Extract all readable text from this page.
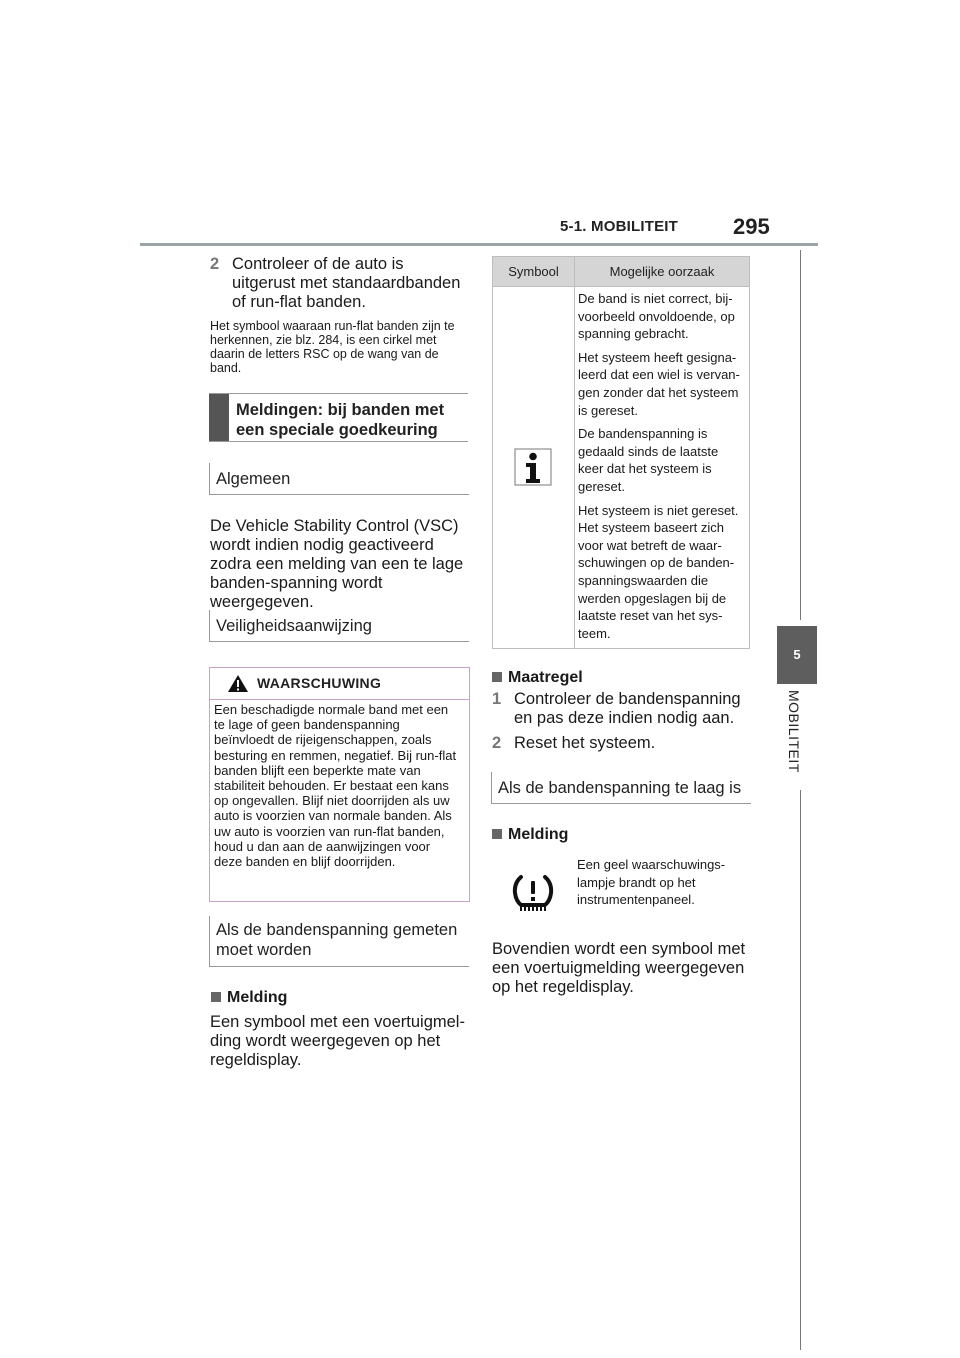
5-1. MOBILITEIT 295
5
MOBILITEIT
2 Controleer of de auto is uitgerust met standaardbanden of run-flat banden.
Het symbool waaraan run-flat banden zijn te herkennen, zie blz. 284, is een cirkel met daarin de letters RSC op de wang van de band.
Meldingen: bij banden met een speciale goedkeuring
Algemeen
De Vehicle Stability Control (VSC) wordt indien nodig geactiveerd zodra een melding van een te lage banden-spanning wordt weergegeven.
Veiligheidsaanwijzing
WAARSCHUWING
Een beschadigde normale band met een te lage of geen bandenspanning beïnvloedt de rijeigenschappen, zoals besturing en remmen, negatief. Bij run-flat banden blijft een beperkte mate van stabiliteit behouden. Er bestaat een kans op ongevallen. Blijf niet doorrijden als uw auto is voorzien van normale banden. Als uw auto is voorzien van run-flat banden, houd u dan aan de aanwijzingen voor deze banden en blijf doorrijden.
Als de bandenspanning gemeten moet worden
Melding
Een symbool met een voertuigmel-ding wordt weergegeven op het regeldisplay.
Symbool	Mogelijke oorzaak

De band is niet correct, bij-voorbeeld onvoldoende, op spanning gebracht.

Het systeem heeft gesigna-leerd dat een wiel is vervan-gen zonder dat het systeem is gereset.

De bandenspanning is gedaald sinds de laatste keer dat het systeem is gereset.

Het systeem is niet gereset. Het systeem baseert zich voor wat betreft de waar-schuwingen op de banden-spanningswaarden die werden opgeslagen bij de laatste reset van het sys-teem.

Maatregel
1 Controleer de bandenspanning en pas deze indien nodig aan.
2 Reset het systeem.
Als de bandenspanning te laag is
Melding
Een geel waarschuwings-lampje brandt op het instrumentenpaneel.
Bovendien wordt een symbool met een voertuigmelding weergegeven op het regeldisplay.
